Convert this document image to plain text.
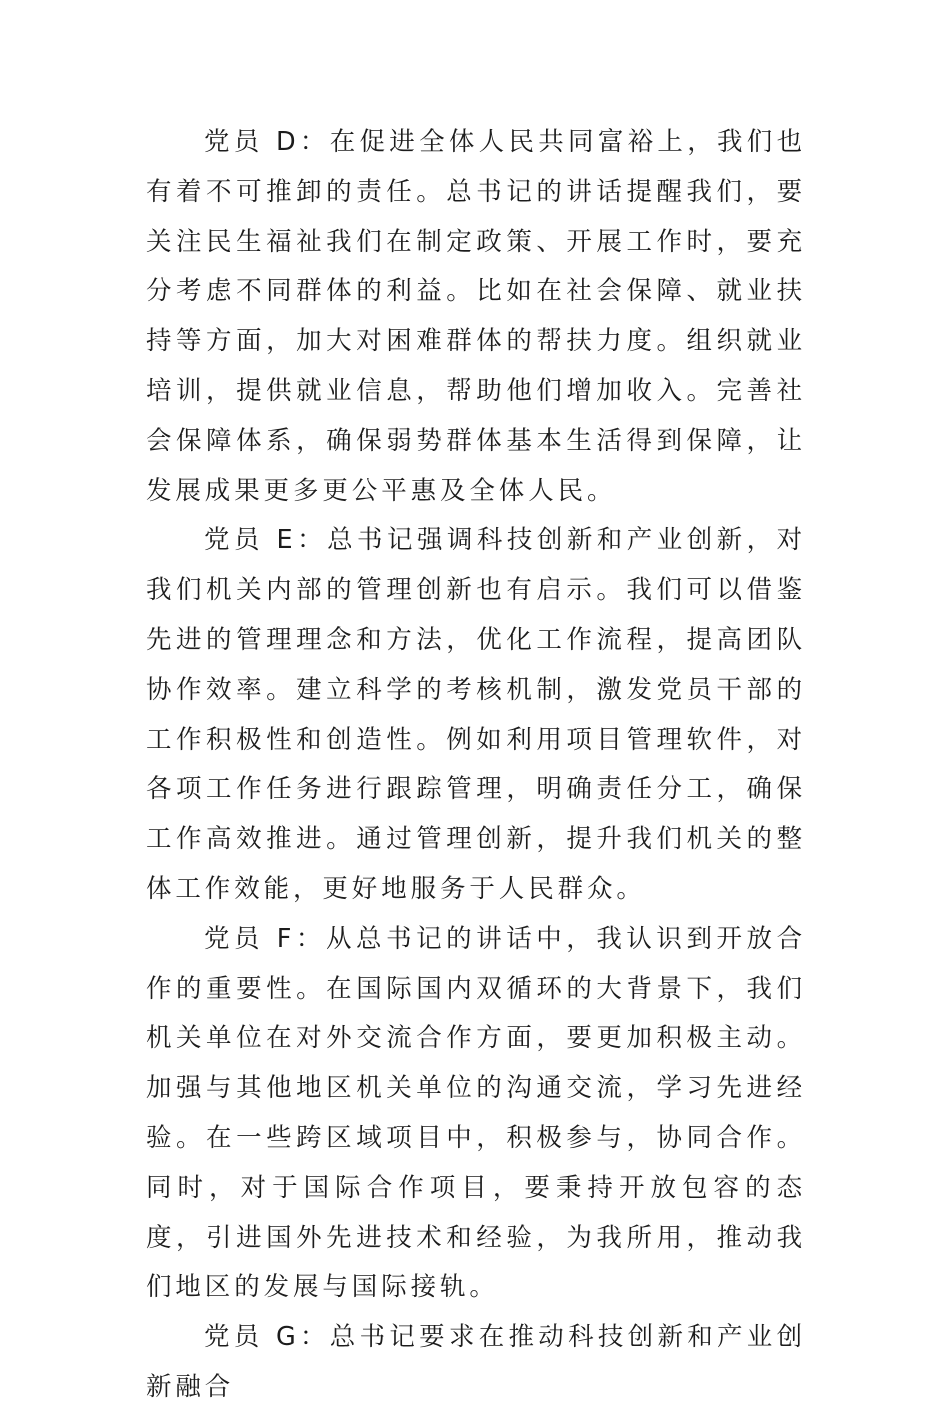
党员 D：在促进全体人民共同富裕上，我们也有着不可推卸的责任。总书记的讲话提醒我们，要关注民生福祉我们在制定政策、开展工作时，要充分考虑不同群体的利益。比如在社会保障、就业扶持等方面，加大对困难群体的帮扶力度。组织就业培训，提供就业信息，帮助他们增加收入。完善社会保障体系，确保弱势群体基本生活得到保障，让发展成果更多更公平惠及全体人民。

党员 E：总书记强调科技创新和产业创新，对我们机关内部的管理创新也有启示。我们可以借鉴先进的管理理念和方法，优化工作流程，提高团队协作效率。建立科学的考核机制，激发党员干部的工作积极性和创造性。例如利用项目管理软件，对各项工作任务进行跟踪管理，明确责任分工，确保工作高效推进。通过管理创新，提升我们机关的整体工作效能，更好地服务于人民群众。

党员 F：从总书记的讲话中，我认识到开放合作的重要性。在国际国内双循环的大背景下，我们机关单位在对外交流合作方面，要更加积极主动。加强与其他地区机关单位的沟通交流，学习先进经验。在一些跨区域项目中，积极参与，协同合作。同时，对于国际合作项目，要秉持开放包容的态度，引进国外先进技术和经验，为我所用，推动我们地区的发展与国际接轨。

党员 G：总书记要求在推动科技创新和产业创新融合
